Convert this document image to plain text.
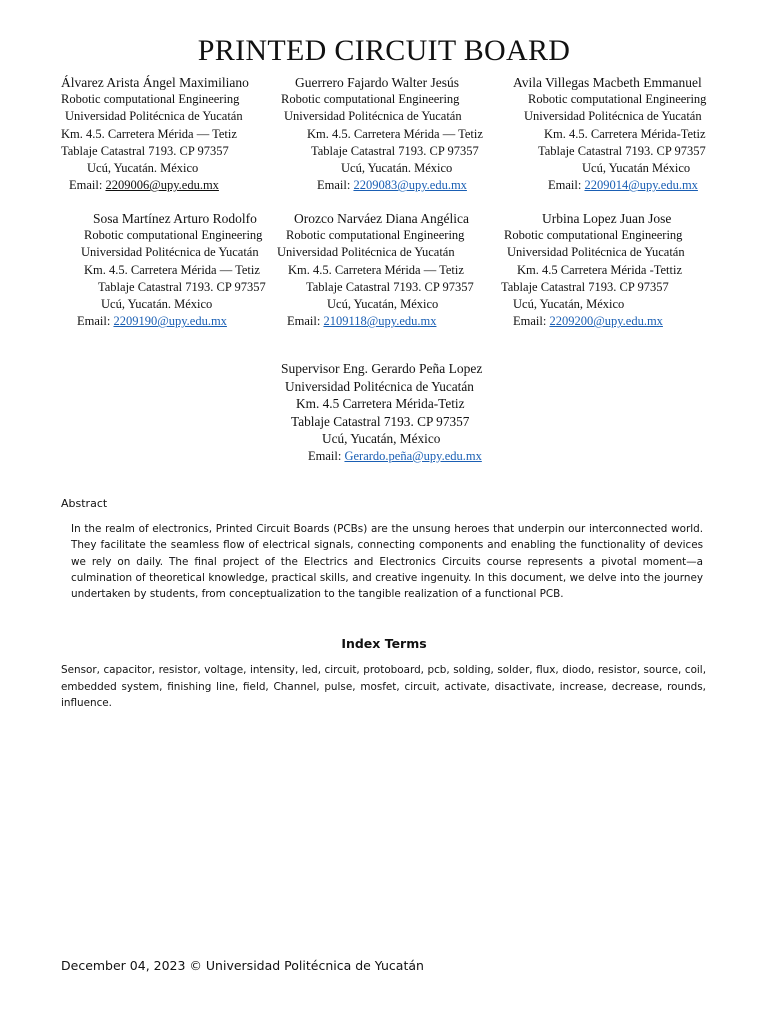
PRINTED CIRCUIT BOARD
Álvarez Arista Ángel Maximiliano
Robotic computational Engineering
Universidad Politécnica de Yucatán
Km. 4.5. Carretera Mérida — Tetiz
Tablaje Catastral 7193. CP 97357
Ucú, Yucatán. México
Email: 2209006@upy.edu.mx
Guerrero Fajardo Walter Jesús
Robotic computational Engineering
Universidad Politécnica de Yucatán
Km. 4.5. Carretera Mérida — Tetiz
Tablaje Catastral 7193. CP 97357
Ucú, Yucatán. México
Email: 2209083@upy.edu.mx
Avila Villegas Macbeth Emmanuel
Robotic computational Engineering
Universidad Politécnica de Yucatán
Km. 4.5. Carretera Mérida-Tetiz
Tablaje Catastral 7193. CP 97357
Ucú, Yucatán México
Email: 2209014@upy.edu.mx
Sosa Martínez Arturo Rodolfo
Robotic computational Engineering
Universidad Politécnica de Yucatán
Km. 4.5. Carretera Mérida — Tetiz
Tablaje Catastral 7193. CP 97357
Ucú, Yucatán. México
Email: 2209190@upy.edu.mx
Orozco Narváez Diana Angélica
Robotic computational Engineering
Universidad Politécnica de Yucatán
Km. 4.5. Carretera Mérida — Tetiz
Tablaje Catastral 7193. CP 97357
Ucú, Yucatán, México
Email: 2109118@upy.edu.mx
Urbina Lopez Juan Jose
Robotic computational Engineering
Universidad Politécnica de Yucatán
Km. 4.5 Carretera Mérida -Tettiz
Tablaje Catastral 7193. CP 97357
Ucú, Yucatán, México
Email: 2209200@upy.edu.mx
Supervisor Eng. Gerardo Peña Lopez
Universidad Politécnica de Yucatán
Km. 4.5 Carretera Mérida-Tetiz
Tablaje Catastral 7193. CP 97357
Ucú, Yucatán, México
Email: Gerardo.peña@upy.edu.mx
Abstract
In the realm of electronics, Printed Circuit Boards (PCBs) are the unsung heroes that underpin our interconnected world. They facilitate the seamless flow of electrical signals, connecting components and enabling the functionality of devices we rely on daily. The final project of the Electrics and Electronics Circuits course represents a pivotal moment—a culmination of theoretical knowledge, practical skills, and creative ingenuity. In this document, we delve into the journey undertaken by students, from conceptualization to the tangible realization of a functional PCB.
Index Terms
Sensor, capacitor, resistor, voltage, intensity, led, circuit, protoboard, pcb, solding, solder, flux, diodo, resistor, source, coil, embedded system, finishing line, field, Channel, pulse, mosfet, circuit, activate, disactivate, increase, decrease, rounds, influence.
December 04, 2023 © Universidad Politécnica de Yucatán
